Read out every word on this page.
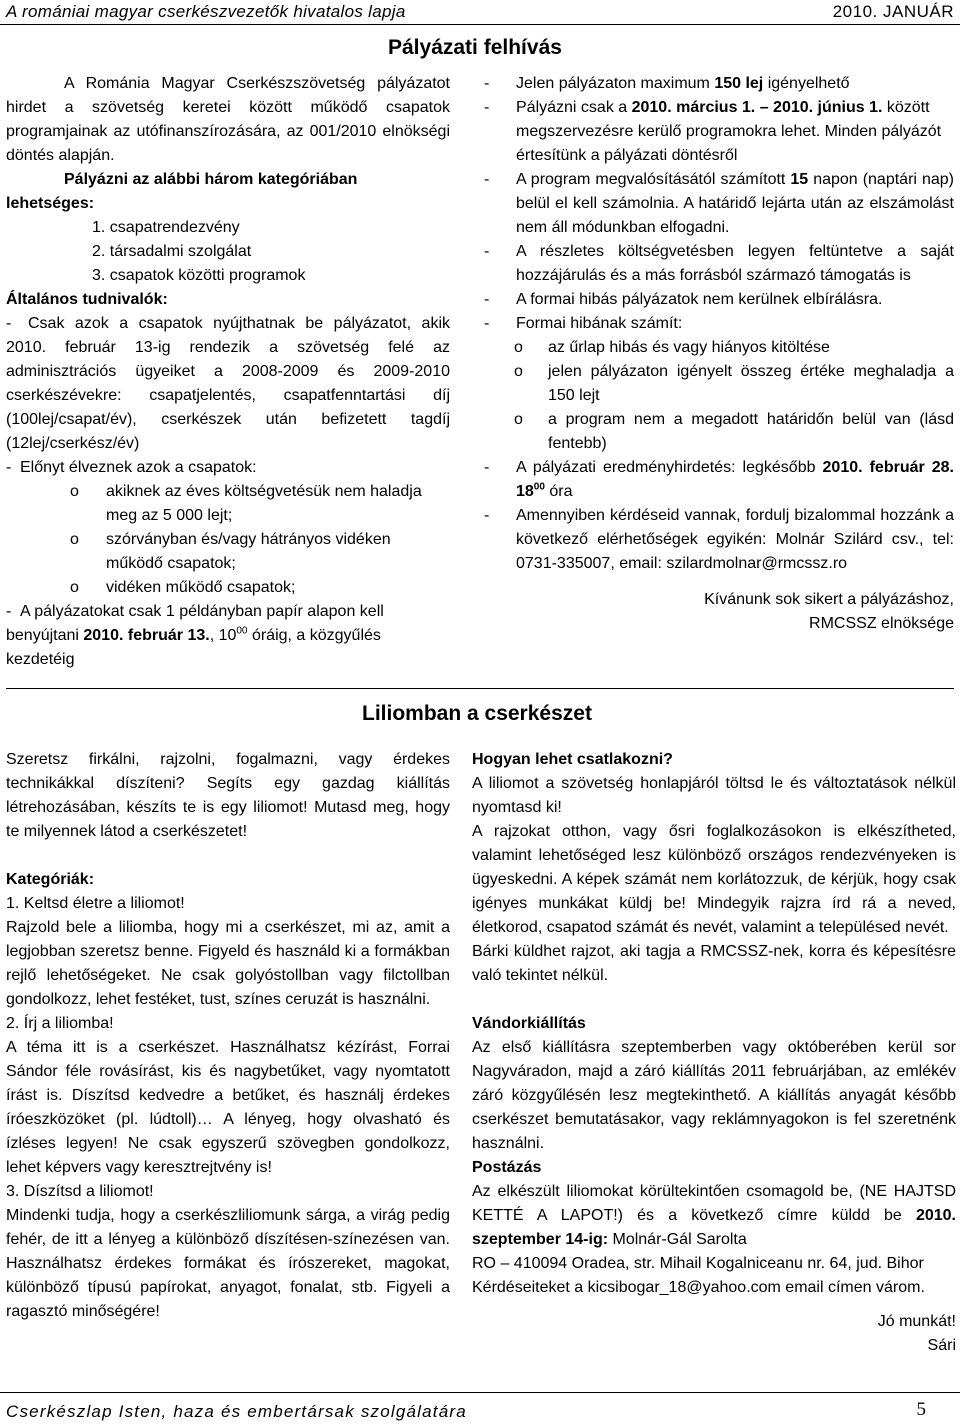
A romániai magyar cserkészvezetők hivatalos lapja	2010. JANUÁR
Pályázati felhívás

A Románia Magyar Cserkészszövetség pályázatot hirdet a szövetség keretei között működő csapatok programjainak az utófinanszírozására, az 001/2010 elnökségi döntés alapján.

Pályázni az alábbi három kategóriában

lehetséges:

1. csapatrendezvény

2. társadalmi szolgálat

3. csapatok közötti programok

Általános tudnivalók:

- Csak azok a csapatok nyújthatnak be pályázatot, akik 2010. február 13-ig rendezik a szövetség felé az adminisztrációs ügyeiket a 2008-2009 és 2009-2010 cserkészévekre: csapatjelentés, csapatfenntartási díj (100lej/csapat/év), cserkészek után befizetett tagdíj (12lej/cserkész/év)

- Előnyt élveznek azok a csapatok:

o akiknek az éves költségvetésük nem haladja meg az 5 000 lejt;

o szórványban és/vagy hátrányos vidéken működő csapatok;

o vidéken működő csapatok;

- A pályázatokat csak 1 példányban papír alapon kell benyújtani 2010. február 13., $10^{00}$ óráig, a közgyűlés kezdetéig

- Jelen pályázaton maximum 150 lej igényelhető

- Pályázni csak a 2010. március 1. – 2010. június 1. között megszervezésre kerülő programokra lehet. Minden pályázót értesítünk a pályázati döntésről

- A program megvalósításától számított 15 napon (naptári nap) belül el kell számolnia. A határidő lejárta után az elszámolást nem áll módunkban elfogadni.

- A részletes költségvetésben legyen feltüntetve a saját hozzájárulás és a más forrásból származó támogatás is

- A formai hibás pályázatok nem kerülnek elbírálásra.

- Formai hibának számít:

o az űrlap hibás és vagy hiányos kitöltése

o jelen pályázaton igényelt összeg értéke meghaladja a 150 lejt

o a program nem a megadott határidőn belül van (lásd fentebb)

- A pályázati eredményhirdetés: legkésőbb 2010. február 28. $18^{00}$ óra

- Amennyiben kérdéseid vannak, fordulj bizalommal hozzánk a következő elérhetőségek egyikén: Molnár Szilárd csv., tel: 0731-335007, email: szilardmolnar@rmcssz.ro

Kívánunk sok sikert a pályázáshoz,

RMCSSZ elnöksége

Liliomban a cserkészet

Szeretsz firkálni, rajzolni, fogalmazni, vagy érdekes technikákkal díszíteni? Segíts egy gazdag kiállítás létrehozásában, készíts te is egy liliomot! Mutasd meg, hogy te milyennek látod a cserkészetet!

Kategóriák:

1. Keltsd életre a liliomot!

Rajzold bele a liliomba, hogy mi a cserkészet, mi az, amit a legjobban szeretsz benne. Figyeld és használd ki a formákban rejlő lehetőségeket. Ne csak golyóstollban vagy filctollban gondolkozz, lehet festéket, tust, színes ceruzát is használni.

2. Írj a liliomba!

A téma itt is a cserkészet. Használhatsz kézírást, Forrai Sándor féle rovásírást, kis és nagybetűket, vagy nyomtatott írást is. Díszítsd kedvedre a betűket, és használj érdekes íróeszközöket (pl. lúdtoll)… A lényeg, hogy olvasható és ízléses legyen! Ne csak egyszerű szövegben gondolkozz, lehet képvers vagy keresztrejtvény is!

3. Díszítsd a liliomot!

Mindenki tudja, hogy a cserkészliliomunk sárga, a virág pedig fehér, de itt a lényeg a különböző díszítésen-színezésen van. Használhatsz érdekes formákat és írószereket, magokat, különböző típusú papírokat, anyagot, fonalat, stb. Figyeli a ragasztó minőségére!

Hogyan lehet csatlakozni?

A liliomot a szövetség honlapjáról töltsd le és változtatások nélkül nyomtasd ki!

A rajzokat otthon, vagy ősri foglalkozásokon is elkészítheted, valamint lehetőséged lesz különböző országos rendezvényeken is ügyeskedni. A képek számát nem korlátozzuk, de kérjük, hogy csak igényes munkákat küldj be! Mindegyik rajzra írd rá a neved, életkorod, csapatod számát és nevét, valamint a településed nevét.

Bárki küldhet rajzot, aki tagja a RMCSSZ-nek, korra és képesítésre való tekintet nélkül.

Vándorkiállítás

Az első kiállításra szeptemberben vagy októberében kerül sor Nagyváradon, majd a záró kiállítás 2011 februárjában, az emlékév záró közgyűlésén lesz megtekinthető. A kiállítás anyagát később cserkészet bemutatásakor, vagy reklámnyagokon is fel szeretnénk használni.

Postázás

Az elkészült liliomokat körültekintően csomagold be, (NE HAJTSD KETTÉ A LAPOT!) és a következő címre küldd be 2010. szeptember 14-ig: Molnár-Gál Sarolta

RO – 410094 Oradea, str. Mihail Kogalniceanu nr. 64, jud. Bihor

Kérdéseiteket a kicsibogar_18@yahoo.com email címen várom.

Jó munkát!

Sári

Cserkészlap Isten, haza és embertársak szolgálatára	5
